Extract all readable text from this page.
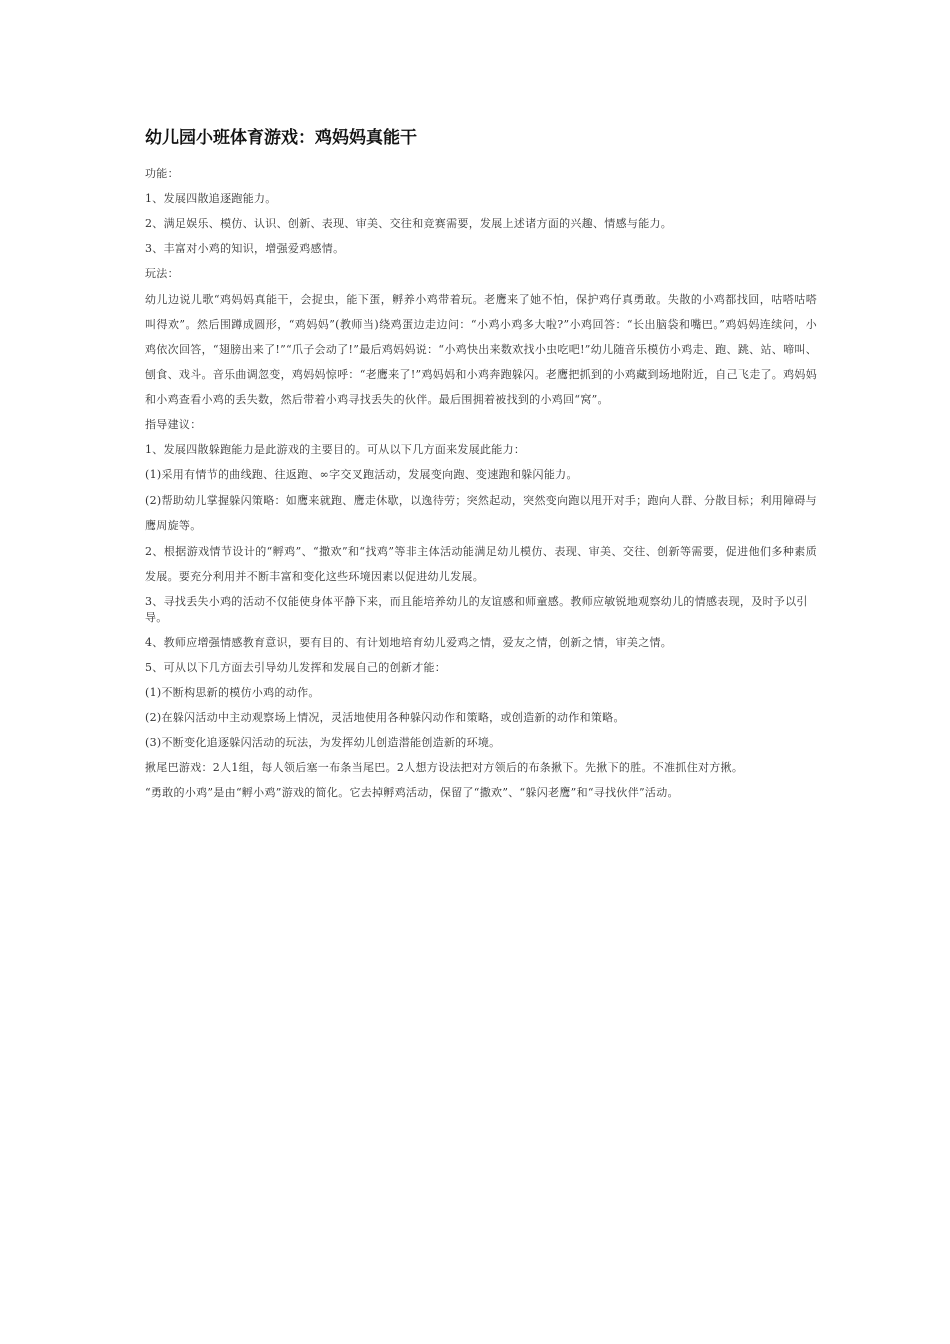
幼儿园小班体育游戏：鸡妈妈真能干

功能：

1、发展四散追逐跑能力。

2、满足娱乐、模仿、认识、创新、表现、审美、交往和竞赛需要，发展上述诸方面的兴趣、情感与能力。

3、丰富对小鸡的知识，增强爱鸡感情。

玩法：

幼儿边说儿歌“鸡妈妈真能干，会捉虫，能下蛋，孵养小鸡带着玩。老鹰来了她不怕，保护鸡仔真勇敢。失散的小鸡都找回，咕嗒咕嗒叫得欢”。然后围蹲成圆形，“鸡妈妈”(教师当)绕鸡蛋边走边问：“小鸡小鸡多大啦?”小鸡回答：“长出脑袋和嘴巴。”鸡妈妈连续问，小鸡依次回答，“翅膀出来了!”“爪子会动了!”最后鸡妈妈说：“小鸡快出来数欢找小虫吃吧!”幼儿随音乐模仿小鸡走、跑、跳、站、啼叫、刨食、戏斗。音乐曲调忽变，鸡妈妈惊呼：“老鹰来了!”鸡妈妈和小鸡奔跑躲闪。老鹰把抓到的小鸡藏到场地附近，自己飞走了。鸡妈妈和小鸡查看小鸡的丢失数，然后带着小鸡寻找丢失的伙伴。最后围拥着被找到的小鸡回“窝”。

指导建议：

1、发展四散躲跑能力是此游戏的主要目的。可从以下几方面来发展此能力：

(1)采用有情节的曲线跑、往返跑、∞字交叉跑活动，发展变向跑、变速跑和躲闪能力。

(2)帮助幼儿掌握躲闪策略：如鹰来就跑、鹰走休歇，以逸待劳；突然起动，突然变向跑以甩开对手；跑向人群、分散目标；利用障碍与鹰周旋等。

2、根据游戏情节设计的“孵鸡”、“撒欢”和“找鸡”等非主体活动能满足幼儿模仿、表现、审美、交往、创新等需要，促进他们多种素质发展。要充分利用并不断丰富和变化这些环境因素以促进幼儿发展。

3、寻找丢失小鸡的活动不仅能使身体平静下来，而且能培养幼儿的友谊感和师童感。教师应敏锐地观察幼儿的情感表现，及时予以引导。

4、教师应增强情感教育意识，要有目的、有计划地培育幼儿爱鸡之情，爱友之情，创新之情，审美之情。

5、可从以下几方面去引导幼儿发挥和发展自己的创新才能：

(1)不断构思新的模仿小鸡的动作。

(2)在躲闪活动中主动观察场上情况，灵活地使用各种躲闪动作和策略，或创造新的动作和策略。

(3)不断变化追逐躲闪活动的玩法，为发挥幼儿创造潜能创造新的环境。

揪尾巴游戏：2人1组，每人领后塞一布条当尾巴。2人想方设法把对方领后的布条揪下。先揪下的胜。不准抓住对方揪。

“勇敢的小鸡”是由“孵小鸡”游戏的简化。它去掉孵鸡活动，保留了“撒欢”、“躲闪老鹰”和“寻找伙伴”活动。
